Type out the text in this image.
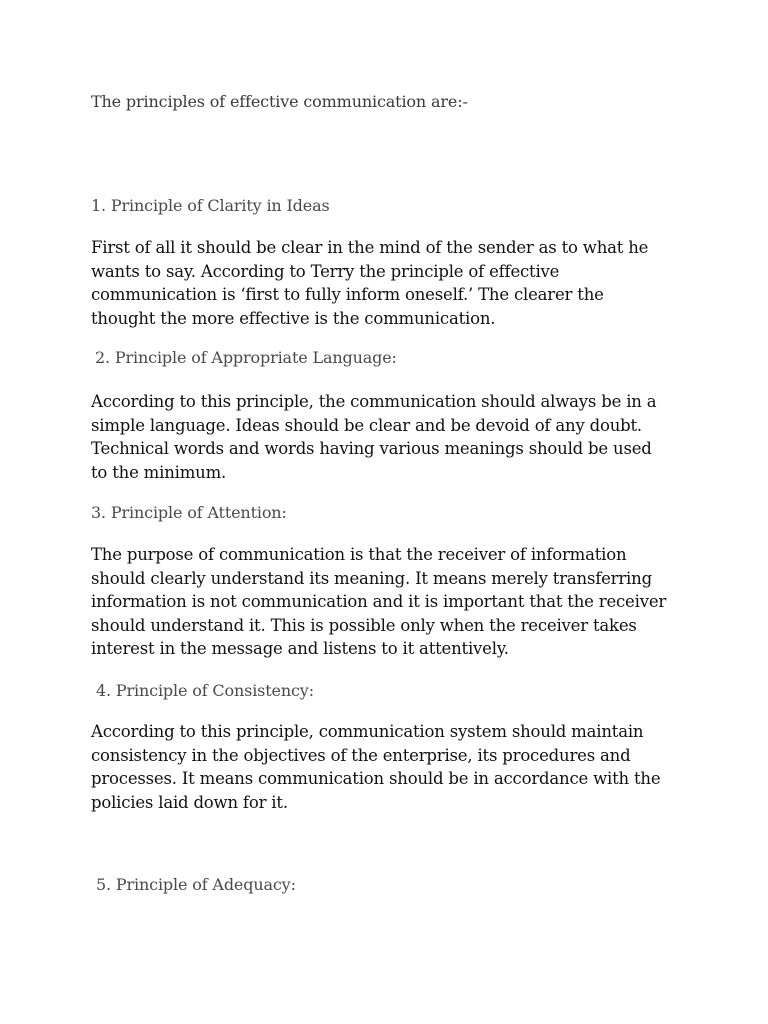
The principles of effective communication are:-
1. Principle of Clarity in Ideas
First of all it should be clear in the mind of the sender as to what he
wants to say. According to Terry the principle of effective
communication is ‘first to fully inform oneself.’ The clearer the
thought the more effective is the communication.
2. Principle of Appropriate Language:
According to this principle, the communication should always be in a
simple language. Ideas should be clear and be devoid of any doubt.
Technical words and words having various meanings should be used
to the minimum.
3. Principle of Attention:
The purpose of communication is that the receiver of information
should clearly understand its meaning. It means merely transferring
information is not communication and it is important that the receiver
should understand it. This is possible only when the receiver takes
interest in the message and listens to it attentively.
4. Principle of Consistency:
According to this principle, communication system should maintain
consistency in the objectives of the enterprise, its procedures and
processes. It means communication should be in accordance with the
policies laid down for it.
5. Principle of Adequacy:
